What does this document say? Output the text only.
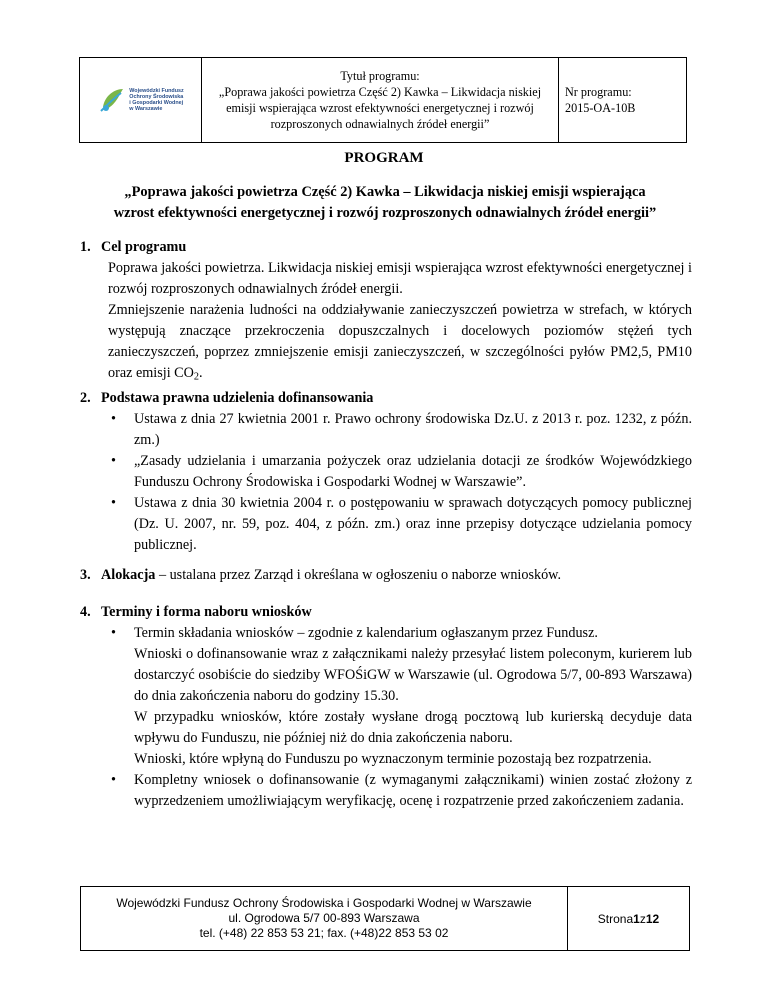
Wojewódzki Fundusz
Ochrony Środowiska
i Gospodarki Wodnej
w Warszawie
Tytuł programu:
„Poprawa jakości powietrza Część 2) Kawka – Likwidacja niskiej
emisji wspierająca wzrost efektywności energetycznej i rozwój
rozproszonych odnawialnych źródeł energii”
Nr programu:
2015-OA-10B
PROGRAM
„Poprawa jakości powietrza Część 2) Kawka – Likwidacja niskiej emisji wspierająca
wzrost efektywności energetycznej i rozwój rozproszonych odnawialnych źródeł energii”
1. Cel programu

Poprawa jakości powietrza. Likwidacja niskiej emisji wspierająca wzrost efektywności energetycznej i rozwój rozproszonych odnawialnych źródeł energii.

Zmniejszenie narażenia ludności na oddziaływanie zanieczyszczeń powietrza w strefach, w których występują znaczące przekroczenia dopuszczalnych i docelowych poziomów stężeń tych zanieczyszczeń, poprzez zmniejszenie emisji zanieczyszczeń, w szczególności pyłów PM2,5, PM10 oraz emisji $CO_2$.

2. Podstawa prawna udzielenia dofinansowania
• Ustawa z dnia 27 kwietnia 2001 r. Prawo ochrony środowiska Dz.U. z 2013 r. poz. 1232, z późn. zm.)
• „Zasady udzielania i umarzania pożyczek oraz udzielania dotacji ze środków Wojewódzkiego Funduszu Ochrony Środowiska i Gospodarki Wodnej w Warszawie”.
• Ustawa z dnia 30 kwietnia 2004 r. o postępowaniu w sprawach dotyczących pomocy publicznej (Dz. U. 2007, nr. 59, poz. 404, z późn. zm.) oraz inne przepisy dotyczące udzielania pomocy publicznej.
3. Alokacja – ustalana przez Zarząd i określana w ogłoszeniu o naborze wniosków.
4. Terminy i forma naboru wniosków

• Termin składania wniosków – zgodnie z kalendarium ogłaszanym przez Fundusz.

Wnioski o dofinansowanie wraz z załącznikami należy przesyłać listem poleconym, kurierem lub dostarczyć osobiście do siedziby WFOŚiGW w Warszawie (ul. Ogrodowa 5/7, 00-893 Warszawa) do dnia zakończenia naboru do godziny 15.30.

W przypadku wniosków, które zostały wysłane drogą pocztową lub kurierską decyduje data wpływu do Funduszu, nie później niż do dnia zakończenia naboru.

Wnioski, które wpłyną do Funduszu po wyznaczonym terminie pozostają bez rozpatrzenia.

• Kompletny wniosek o dofinansowanie (z wymaganymi załącznikami) winien zostać złożony z wyprzedzeniem umożliwiającym weryfikację, ocenę i rozpatrzenie przed zakończeniem zadania.
Wojewódzki Fundusz Ochrony Środowiska i Gospodarki Wodnej w Warszawie
ul. Ogrodowa 5/7 00-893 Warszawa
tel. (+48) 22 853 53 21; fax. (+48)22 853 53 02
Strona 1 z 12
